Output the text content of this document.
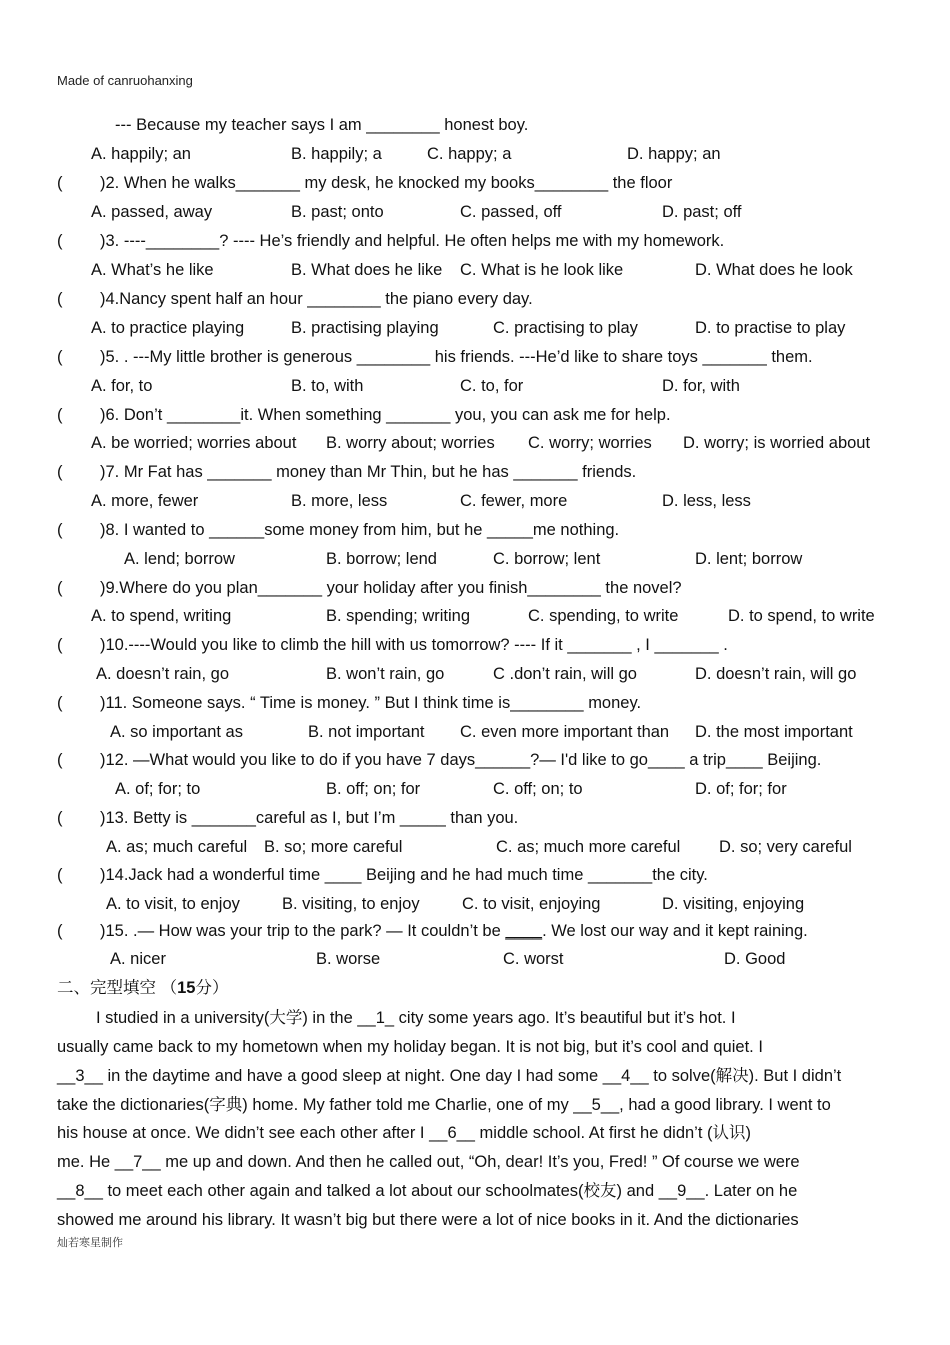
Made of canruohanxing
--- Because my teacher says I am ________ honest boy.
A. happily; an	B. happily; a	C. happy; a	D. happy; an
( )2. When he walks_______ my desk, he knocked my books________ the floor
A. passed, away	B. past; onto	C. passed, off	D. past; off
( )3. ----________? ---- He’s friendly and helpful. He often helps me with my homework.
A. What’s he like	B. What does he like C. What is he look like	D. What does he look
( )4.Nancy spent half an hour ________ the piano every day.
A. to practice playing	B. practising playing	C. practising to play	D. to practise to play
( )5. . ---My little brother is generous ________ his friends. ---He’d like to share toys _______ them.
A. for, to	B. to, with	C. to, for	D. for, with
( )6. Don’t ________it. When something _______ you, you can ask me for help.
A. be worried; worries about B. worry about; worries C. worry; worries D. worry; is worried about
( )7. Mr Fat has _______ money than Mr Thin, but he has _______ friends.
A. more, fewer	B. more, less	C. fewer, more	D. less, less
( )8. I wanted to ______some money from him, but he _____me nothing.
A. lend; borrow	B. borrow; lend	C. borrow; lent	D. lent; borrow
( )9.Where do you plan_______ your holiday after you finish________ the novel?
A. to spend, writing	B. spending; writing	C. spending, to write	D. to spend, to write
( )10.----Would you like to climb the hill with us tomorrow? ---- If it _______ , I _______ .
A. doesn’t rain, go	B. won’t rain, go	C .don’t rain, will go	D. doesn’t rain, will go
( )11. Someone says. “ Time is money. ” But I think time is________ money.
A. so important as	B. not important C. even more important than D. the most important
( )12. —What would you like to do if you have 7 days______?— I'd like to go____ a trip____ Beijing.
A. of; for; to	B. off; on; for	C. off; on; to	D. of; for; for
( )13. Betty is _______careful as I, but I’m _____ than you.
A. as; much careful B. so; more careful	C. as; much more careful D. so; very careful
( )14.Jack had a wonderful time ____ Beijing and he had much time _______the city.
A. to visit, to enjoy	B. visiting, to enjoy	C. to visit, enjoying	D. visiting, enjoying
( )15. .— How was your trip to the park? — It couldn’t be ____. We lost our way and it kept raining.
A. nicer	B. worse	C. worst	D. Good
二、完型填空 （15分）
I studied in a university(大学) in the __1_ city some years ago. It’s beautiful but it’s hot. I
usually came back to my hometown when my holiday began. It is not big, but it’s cool and quiet. I
__3__ in the daytime and have a good sleep at night. One day I had some __4__ to solve(解决). But I didn’t
take the dictionaries(字典) home. My father told me Charlie, one of my __5__, had a good library. I went to
his house at once. We didn’t see each other after I __6__ middle school. At first he didn’t (认识)
me. He __7__ me up and down. And then he called out, “Oh, dear! It’s you, Fred! ” Of course we were
__8__ to meet each other again and talked a lot about our schoolmates(校友) and __9__. Later on he
showed me around his library. It wasn’t big but there were a lot of nice books in it. And the dictionaries
灿若寒星制作
